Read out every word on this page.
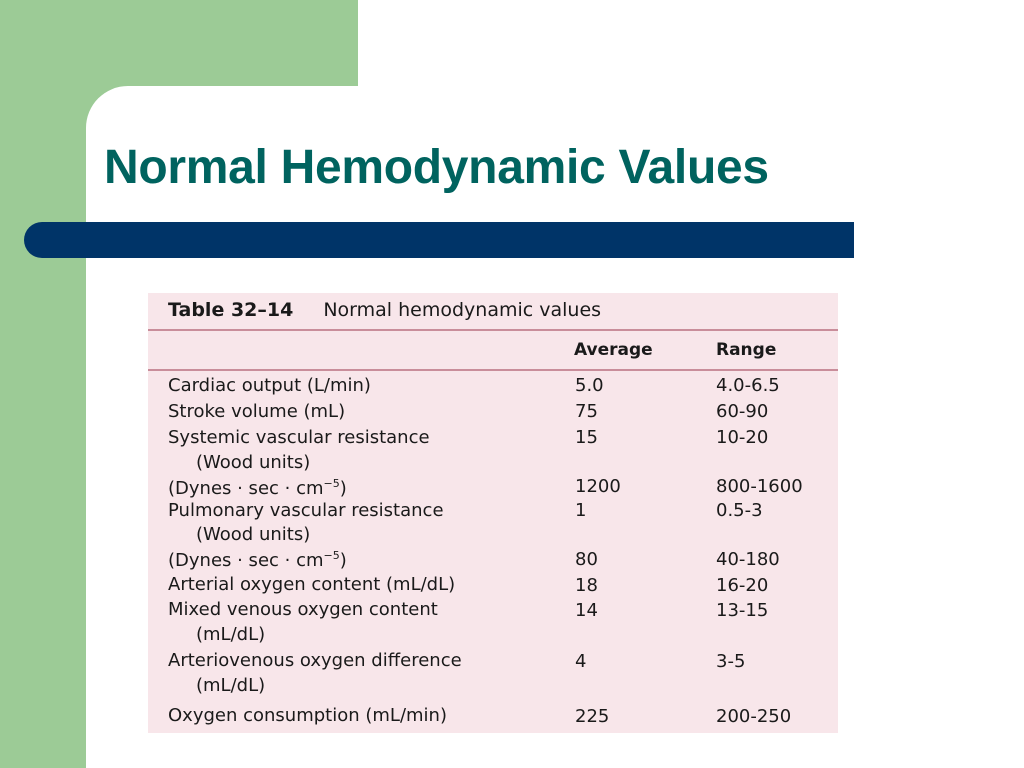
Normal Hemodynamic Values
Table 32–14 Normal hemodynamic values
Average	Range
Cardiac output (L/min)	5.0	4.0-6.5
Stroke volume (mL)	75	60-90
Systemic vascular resistance	15	10-20
(Wood units)
(Dynes · $\sec \cdot cm^{-5}$)	1200	800-1600
Pulmonary vascular resistance	1	0.5-3
(Wood units)
(Dynes · $\sec \cdot cm^{-5}$)	80	40-180
Arterial oxygen content (mL/dL)	18	16-20
Mixed venous oxygen content	14	13-15
(mL/dL)
Arteriovenous oxygen difference	4	3-5
(mL/dL)
Oxygen consumption (mL/min)	225	200-250
